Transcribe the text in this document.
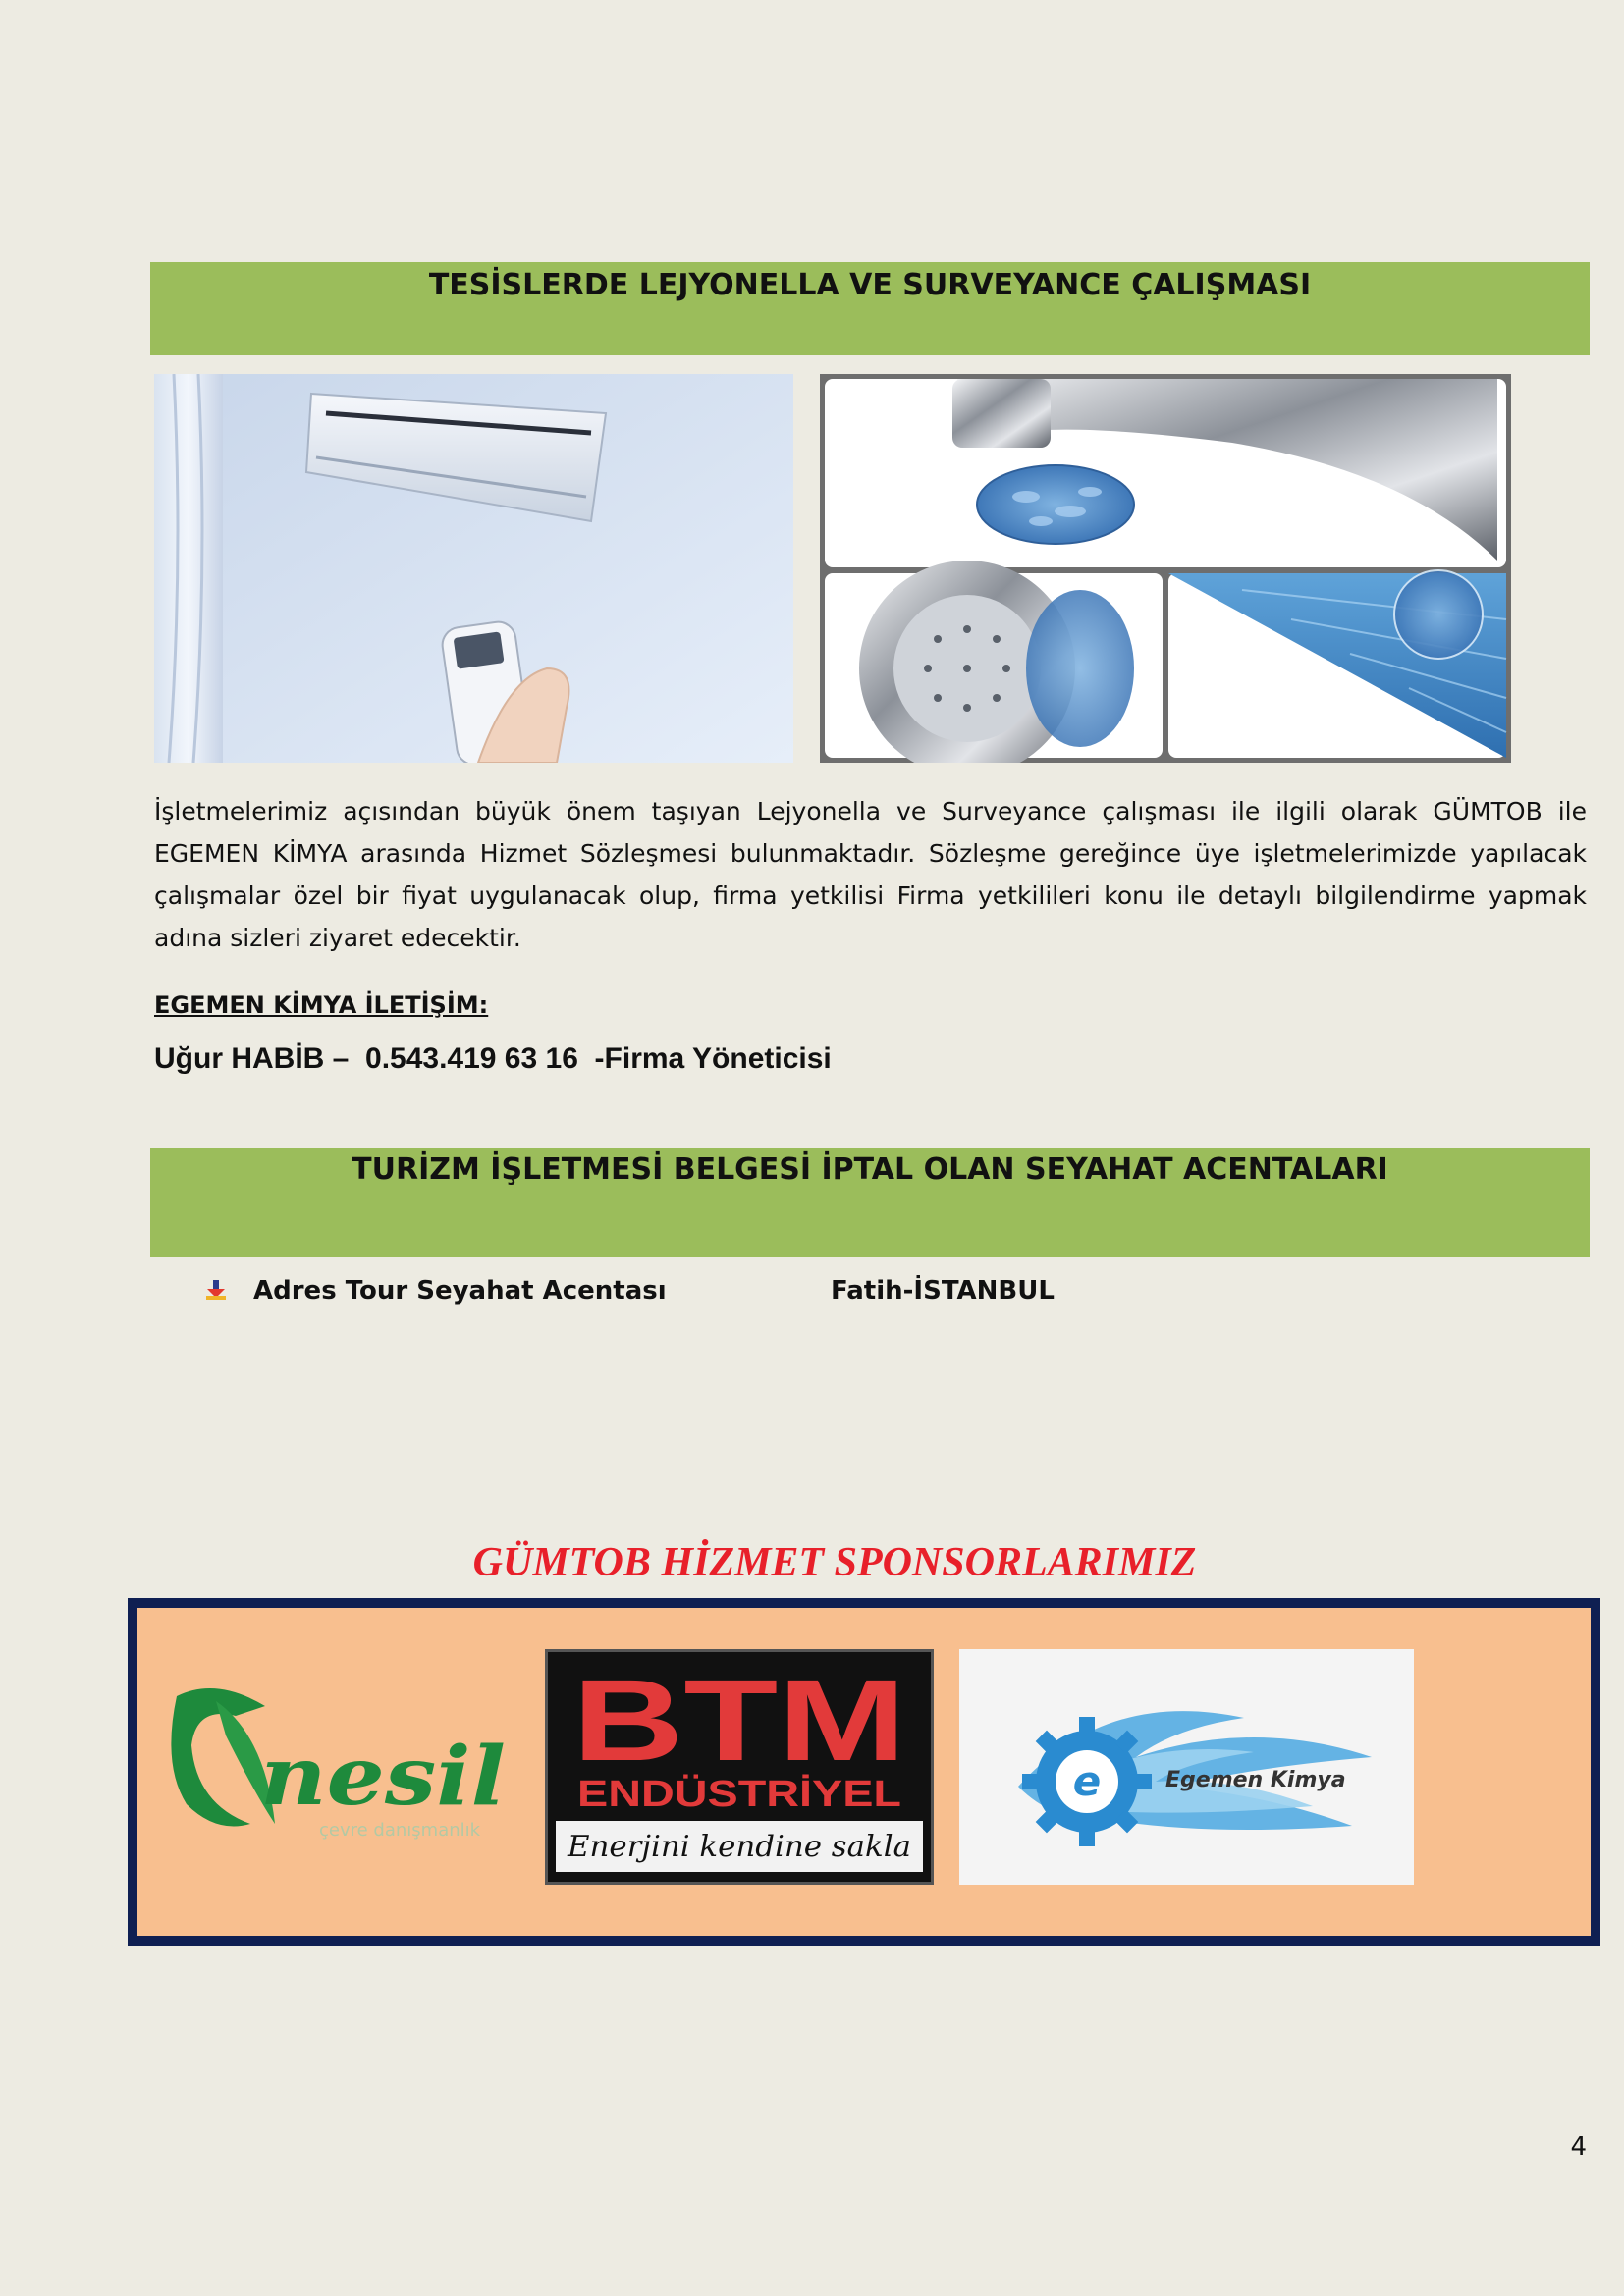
TESİSLERDE LEJYONELLA VE SURVEYANCE ÇALIŞMASI
İşletmelerimiz açısından büyük önem taşıyan Lejyonella ve Surveyance çalışması ile ilgili olarak GÜMTOB ile EGEMEN KİMYA arasında Hizmet Sözleşmesi bulunmaktadır. Sözleşme gereğince üye işletmelerimizde yapılacak çalışmalar özel bir fiyat uygulanacak olup, firma yetkilisi Firma yetkilileri konu ile detaylı bilgilendirme yapmak adına sizleri ziyaret edecektir.
EGEMEN KİMYA İLETİŞİM:
Uğur HABİB –  0.543.419 63 16  -Firma Yöneticisi
TURİZM İŞLETMESİ BELGESİ İPTAL OLAN SEYAHAT ACENTALARI
Adres Tour Seyahat Acentası	Fatih-İSTANBUL
GÜMTOB HİZMET SPONSORLARIMIZ
nesil
çevre danışmanlık
BTM
ENDÜSTRİYEL
Enerjini kendine sakla
e	Egemen Kimya
4
